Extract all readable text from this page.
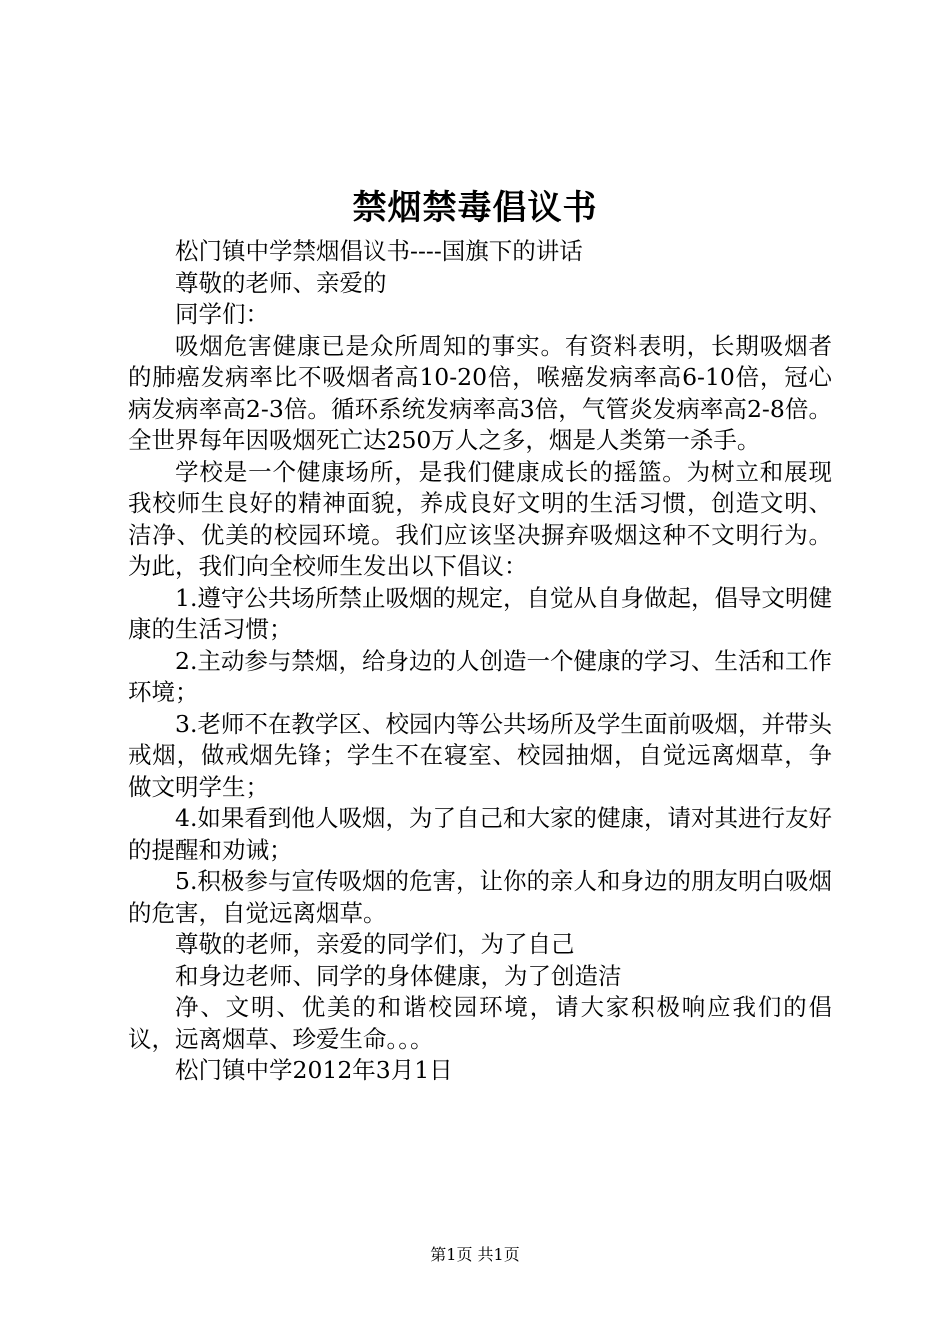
禁烟禁毒倡议书

松门镇中学禁烟倡议书----国旗下的讲话

尊敬的老师、亲爱的

同学们：

吸烟危害健康已是众所周知的事实。有资料表明，长期吸烟者的肺癌发病率比不吸烟者高10-20倍，喉癌发病率高6-10倍，冠心病发病率高2-3倍。循环系统发病率高3倍，气管炎发病率高2-8倍。全世界每年因吸烟死亡达250万人之多，烟是人类第一杀手。

学校是一个健康场所，是我们健康成长的摇篮。为树立和展现我校师生良好的精神面貌，养成良好文明的生活习惯，创造文明、洁净、优美的校园环境。我们应该坚决摒弃吸烟这种不文明行为。为此，我们向全校师生发出以下倡议：

1.遵守公共场所禁止吸烟的规定，自觉从自身做起，倡导文明健康的生活习惯；

2.主动参与禁烟，给身边的人创造一个健康的学习、生活和工作环境；

3.老师不在教学区、校园内等公共场所及学生面前吸烟，并带头戒烟，做戒烟先锋；学生不在寝室、校园抽烟，自觉远离烟草，争做文明学生；

4.如果看到他人吸烟，为了自己和大家的健康，请对其进行友好的提醒和劝诫；

5.积极参与宣传吸烟的危害，让你的亲人和身边的朋友明白吸烟的危害，自觉远离烟草。

尊敬的老师，亲爱的同学们，为了自己

和身边老师、同学的身体健康，为了创造洁

净、文明、优美的和谐校园环境，请大家积极响应我们的倡议，远离烟草、珍爱生命。。。

松门镇中学2012年3月1日

第1页 共1页
